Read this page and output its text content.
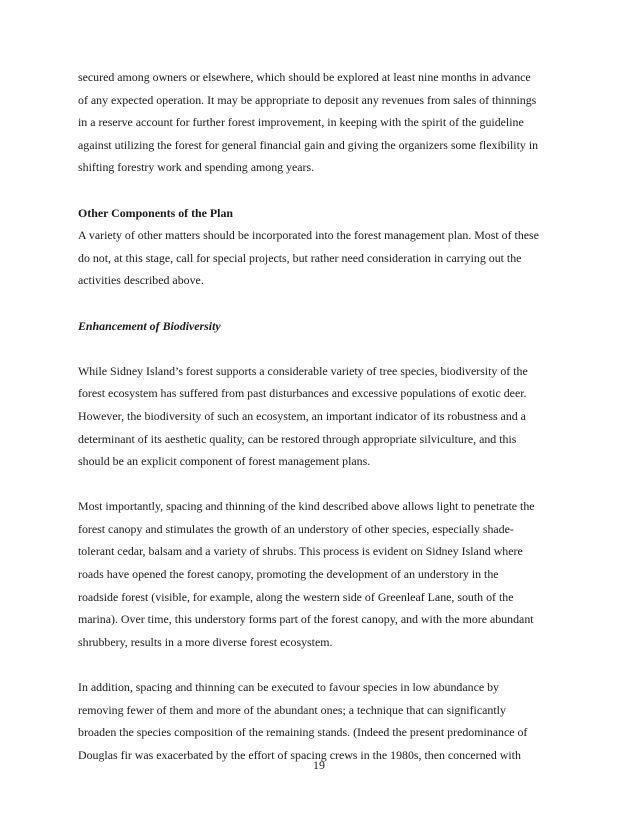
secured among owners or elsewhere, which should be explored at least nine months in advance
of any expected operation. It may be appropriate to deposit any revenues from sales of thinnings
in a reserve account for further forest improvement, in keeping with the spirit of the guideline
against utilizing the forest for general financial gain and giving the organizers some flexibility in
shifting forestry work and spending among years.

Other Components of the Plan

A variety of other matters should be incorporated into the forest management plan. Most of these
do not, at this stage, call for special projects, but rather need consideration in carrying out the
activities described above.

Enhancement of Biodiversity

While Sidney Island’s forest supports a considerable variety of tree species, biodiversity of the
forest ecosystem has suffered from past disturbances and excessive populations of exotic deer.
However, the biodiversity of such an ecosystem, an important indicator of its robustness and a
determinant of its aesthetic quality, can be restored through appropriate silviculture, and this
should be an explicit component of forest management plans.

Most importantly, spacing and thinning of the kind described above allows light to penetrate the
forest canopy and stimulates the growth of an understory of other species, especially shade-
tolerant cedar, balsam and a variety of shrubs. This process is evident on Sidney Island where
roads have opened the forest canopy, promoting the development of an understory in the
roadside forest (visible, for example, along the western side of Greenleaf Lane, south of the
marina). Over time, this understory forms part of the forest canopy, and with the more abundant
shrubbery, results in a more diverse forest ecosystem.

In addition, spacing and thinning can be executed to favour species in low abundance by
removing fewer of them and more of the abundant ones; a technique that can significantly
broaden the species composition of the remaining stands. (Indeed the present predominance of
Douglas fir was exacerbated by the effort of spacing crews in the 1980s, then concerned with

19
